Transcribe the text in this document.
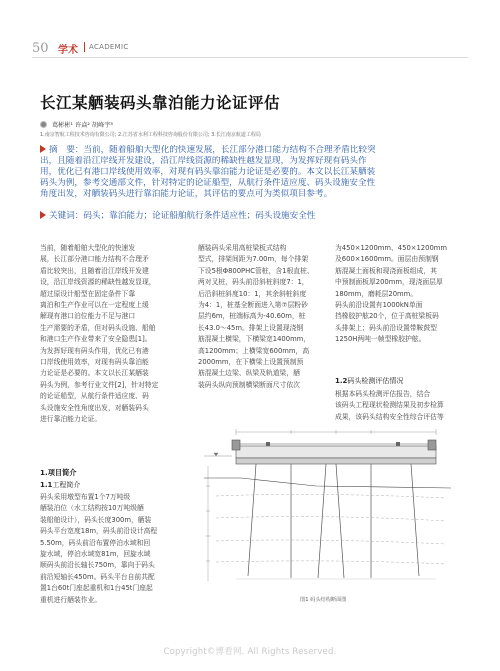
50 学术 ACADEMIC
长江某舾装码头靠泊能力论证评估
葛彬彬¹ 许焱² 胡峰宇³
1.南京智航工程技术咨询有限公司; 2.江苏省水利工程科技咨询股份有限公司; 3.长江南京航道工程局
摘　要：当前，随着船舶大型化的快速发展，长江部分港口能力结构不合理矛盾比较突
出，且随着沿江岸线开发建设，沿江岸线资源的稀缺性越发显现，为发挥好现有码头作
用，优化已有港口岸线使用效率，对现有码头靠泊能力论证是必要的。本文以长江某舾装
码头为例，参考交通部文件，针对特定的论证船型，从航行条件适应度、码头设施安全性
角度出发，对舾装码头进行靠泊能力论证，其评估的要点可为类似项目参考。
关键词：码头；靠泊能力；论证船舶航行条件适应性；码头设施安全性
当前，随着船舶大型化的快速发
展，长江部分港口能力结构不合理矛
盾比较突出，且随着沿江岸线开发建
设，沿江岸线资源的稀缺性越发显现，
超过原设计船型在固定条件下靠
离泊和生产作业可以在一定程度上缓
解现有港口泊位能力不足与港口
生产需要的矛盾，但对码头设施、船舶
和港口生产作业带来了安全隐患[1]。
为发挥好现有码头作用，优化已有港
口岸线使用效率，对现有码头靠泊能
力论证是必要的。本文以长江某舾装
码头为例，参考行业文件[2]，针对特定
的论证船型，从航行条件适应度、码
头设施安全性角度出发，对舾装码头
进行靠泊能力论证。
1.项目简介
1.1工程简介
码头采用墩型布置1个7万吨级
舾装泊位（水工结构按10万吨级舾
装船舶设计），码头长度300m，舾装
码头平台宽度18m，码头前沿设计高程
5.50m，码头前沿布置停泊水域和回
旋水域，停泊水域宽81m，回旋水域
顺码头前沿长轴长750m，靠向于码头
前沿短轴长450m。码头平台自前共配
置1台60t门座起重机和1台45t门座起
重机进行舾装作业。
舾装码头采用高桩梁板式结构
型式，排架间距为7.00m，每个排架
下设5根Φ800PHC管桩，含1根直桩、
两对叉桩，码头前沿斜桩斜度7：1，
后沿斜桩斜度10：1，其余斜桩斜度
为4：1，桩基全断面进入第⑦层粉砂
层约6m，桩端标高为-40.60m，桩
长43.0～45m。排架上设置现浇钢
筋混凝土横梁，下横梁宽1400mm，
高1200mm；上横梁宽600mm，高
2000mm，在下横梁上设置预制预
筋混凝土边梁、纵梁及轨道梁，舾
装码头纵向预制横梁断面尺寸依次
为450×1200mm、450×1200mm
及600×1600mm。面层由预制钢
筋混凝土面板和现浇面板组成，其
中预制面板厚200mm，现浇面层厚
180mm，磨耗层20mm。
码头前沿设置有1000kN单面
挡橡胶护舷20个，位于高桩梁板码
头排架上；码头前沿设置带鞍鼓型
1250H两吨一帧型橡胶护舷。
1.2码头检测评估情况
根据本码头检测评估报告，结合
该码头工程现状检测结果及初步检算
成果，该码头结构安全性综合评估等
图1 码头结构断面图
Copyright©博看网. All Rights Reserved.
